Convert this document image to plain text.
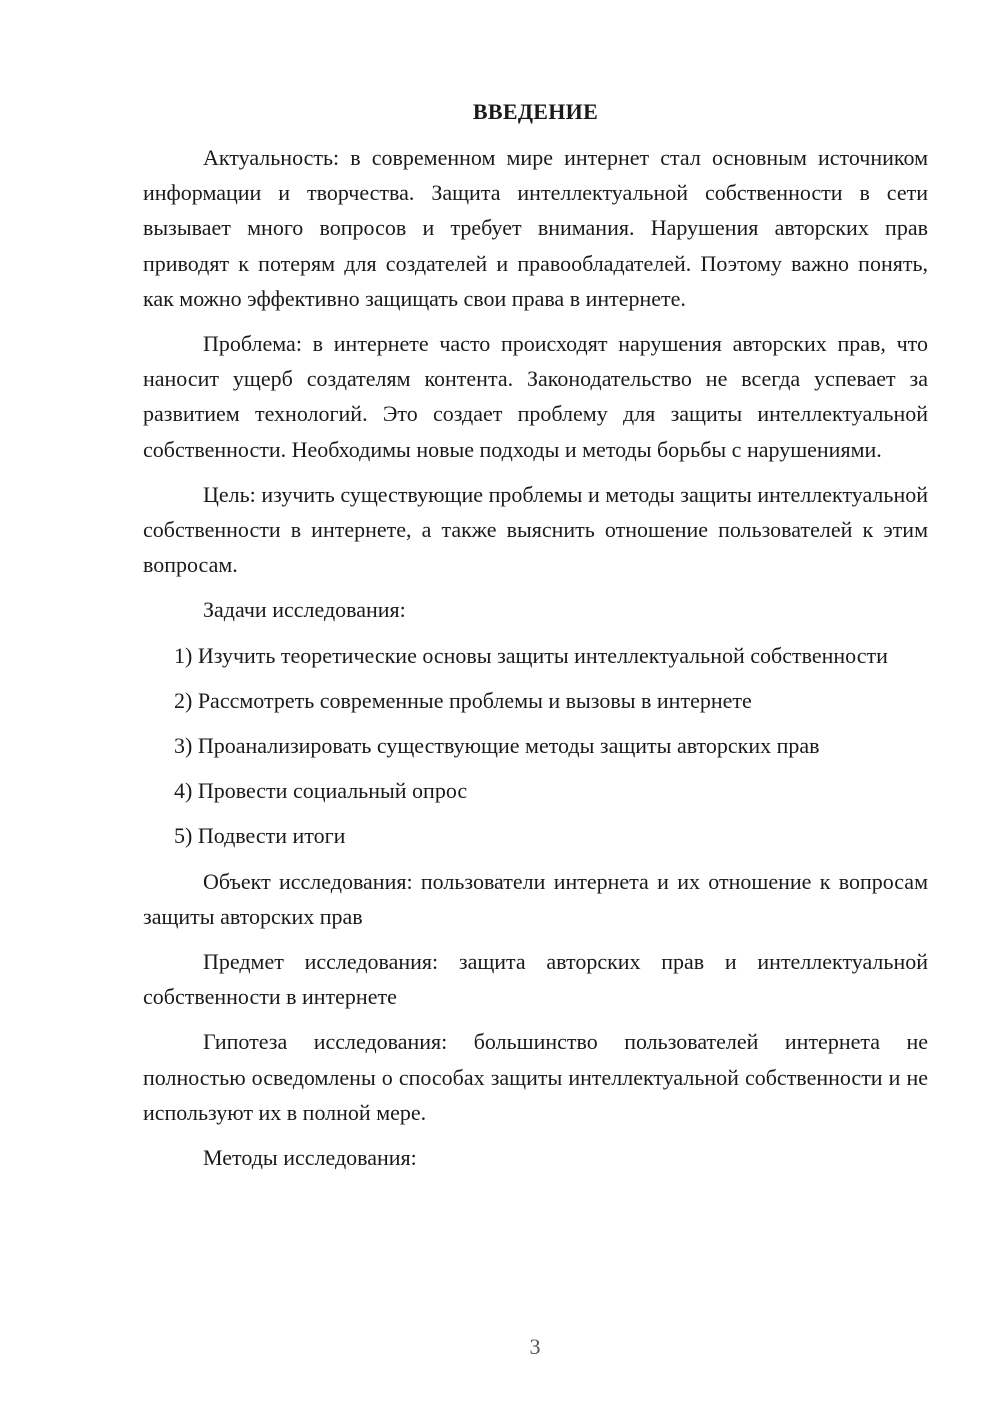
ВВЕДЕНИЕ

Актуальность: в современном мире интернет стал основным источником информации и творчества. Защита интеллектуальной собственности в сети вызывает много вопросов и требует внимания. Нарушения авторских прав приводят к потерям для создателей и правообладателей. Поэтому важно понять, как можно эффективно защищать свои права в интернете.

Проблема: в интернете часто происходят нарушения авторских прав, что наносит ущерб создателям контента. Законодательство не всегда успевает за развитием технологий. Это создает проблему для защиты интеллектуальной собственности. Необходимы новые подходы и методы борьбы с нарушениями.

Цель: изучить существующие проблемы и методы защиты интеллектуальной собственности в интернете, а также выяснить отношение пользователей к этим вопросам.

Задачи исследования:

1) Изучить теоретические основы защиты интеллектуальной собственности

2) Рассмотреть современные проблемы и вызовы в интернете

3) Проанализировать существующие методы защиты авторских прав

4) Провести социальный опрос

5) Подвести итоги

Объект исследования: пользователи интернета и их отношение к вопросам защиты авторских прав

Предмет исследования: защита авторских прав и интеллектуальной собственности в интернете

Гипотеза исследования: большинство пользователей интернета не полностью осведомлены о способах защиты интеллектуальной собственности и не используют их в полной мере.

Методы исследования:

3
